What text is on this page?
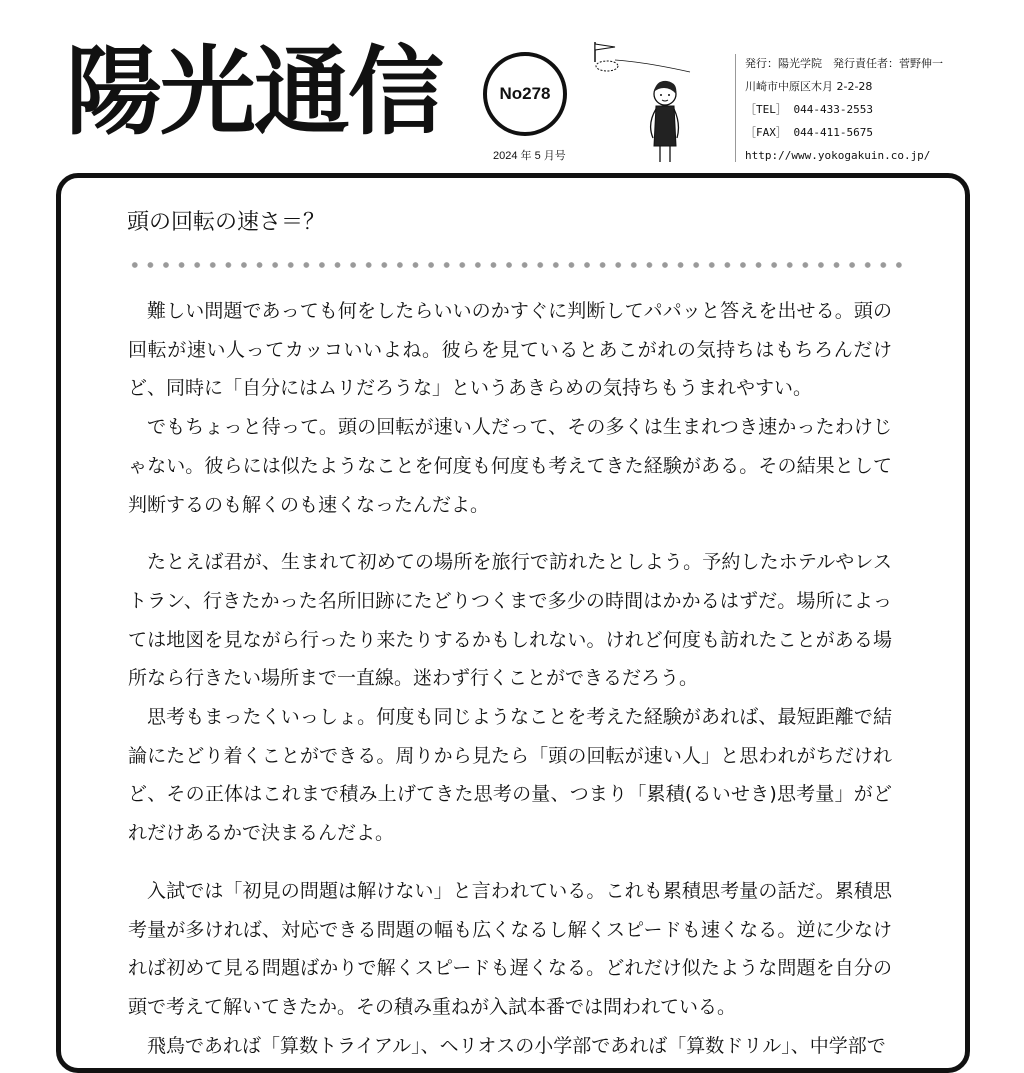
陽光通信	No278
2024 年 5 月号
発行：陽光学院　発行責任者：菅野伸一
川崎市中原区木月 2-2-28
［TEL］ 044-433-2553
［FAX］ 044-411-5675
http://www.yokogakuin.co.jp/
頭の回転の速さ＝？

難しい問題であっても何をしたらいいのかすぐに判断してパパッと答えを出せる。頭の回転が速い人ってカッコいいよね。彼らを見ているとあこがれの気持ちはもちろんだけど、同時に「自分にはムリだろうな」というあきらめの気持ちもうまれやすい。

でもちょっと待って。頭の回転が速い人だって、その多くは生まれつき速かったわけじゃない。彼らには似たようなことを何度も何度も考えてきた経験がある。その結果として判断するのも解くのも速くなったんだよ。

たとえば君が、生まれて初めての場所を旅行で訪れたとしよう。予約したホテルやレストラン、行きたかった名所旧跡にたどりつくまで多少の時間はかかるはずだ。場所によっては地図を見ながら行ったり来たりするかもしれない。けれど何度も訪れたことがある場所なら行きたい場所まで一直線。迷わず行くことができるだろう。

思考もまったくいっしょ。何度も同じようなことを考えた経験があれば、最短距離で結論にたどり着くことができる。周りから見たら「頭の回転が速い人」と思われがちだけれど、その正体はこれまで積み上げてきた思考の量、つまり「累積(るいせき)思考量」がどれだけあるかで決まるんだよ。

入試では「初見の問題は解けない」と言われている。これも累積思考量の話だ。累積思考量が多ければ、対応できる問題の幅も広くなるし解くスピードも速くなる。逆に少なければ初めて見る問題ばかりで解くスピードも遅くなる。どれだけ似たような問題を自分の頭で考えて解いてきたか。その積み重ねが入試本番では問われている。

飛鳥であれば「算数トライアル」、ヘリオスの小学部であれば「算数ドリル」、中学部で
